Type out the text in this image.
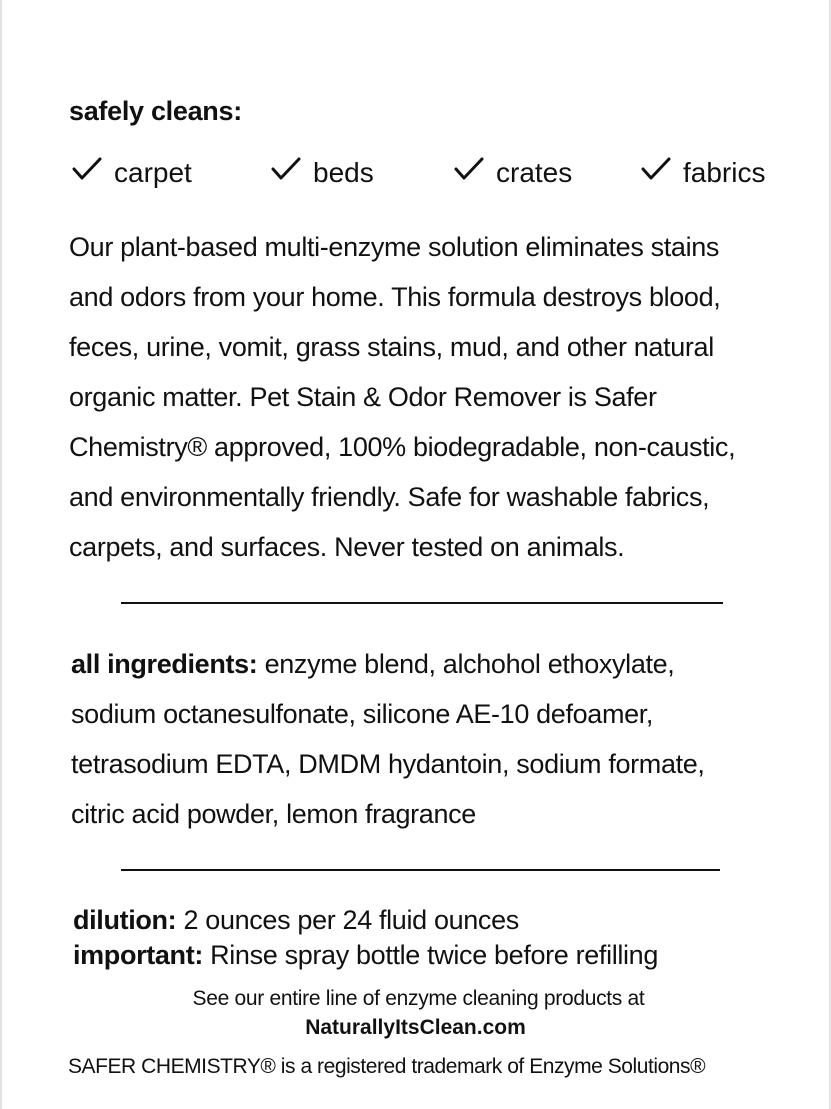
safely cleans:
carpet	beds	crates	fabrics
Our plant-based multi-enzyme solution eliminates stains
and odors from your home. This formula destroys blood,
feces, urine, vomit, grass stains, mud, and other natural
organic matter. Pet Stain & Odor Remover is Safer
Chemistry® approved, 100% biodegradable, non-caustic,
and environmentally friendly. Safe for washable fabrics,
carpets, and surfaces. Never tested on animals.
all ingredients: enzyme blend, alchohol ethoxylate,
sodium octanesulfonate, silicone AE-10 defoamer,
tetrasodium EDTA, DMDM hydantoin, sodium formate,
citric acid powder, lemon fragrance
dilution: 2 ounces per 24 fluid ounces
important: Rinse spray bottle twice before refilling
See our entire line of enzyme cleaning products at
NaturallyItsClean.com
SAFER CHEMISTRY® is a registered trademark of Enzyme Solutions®
